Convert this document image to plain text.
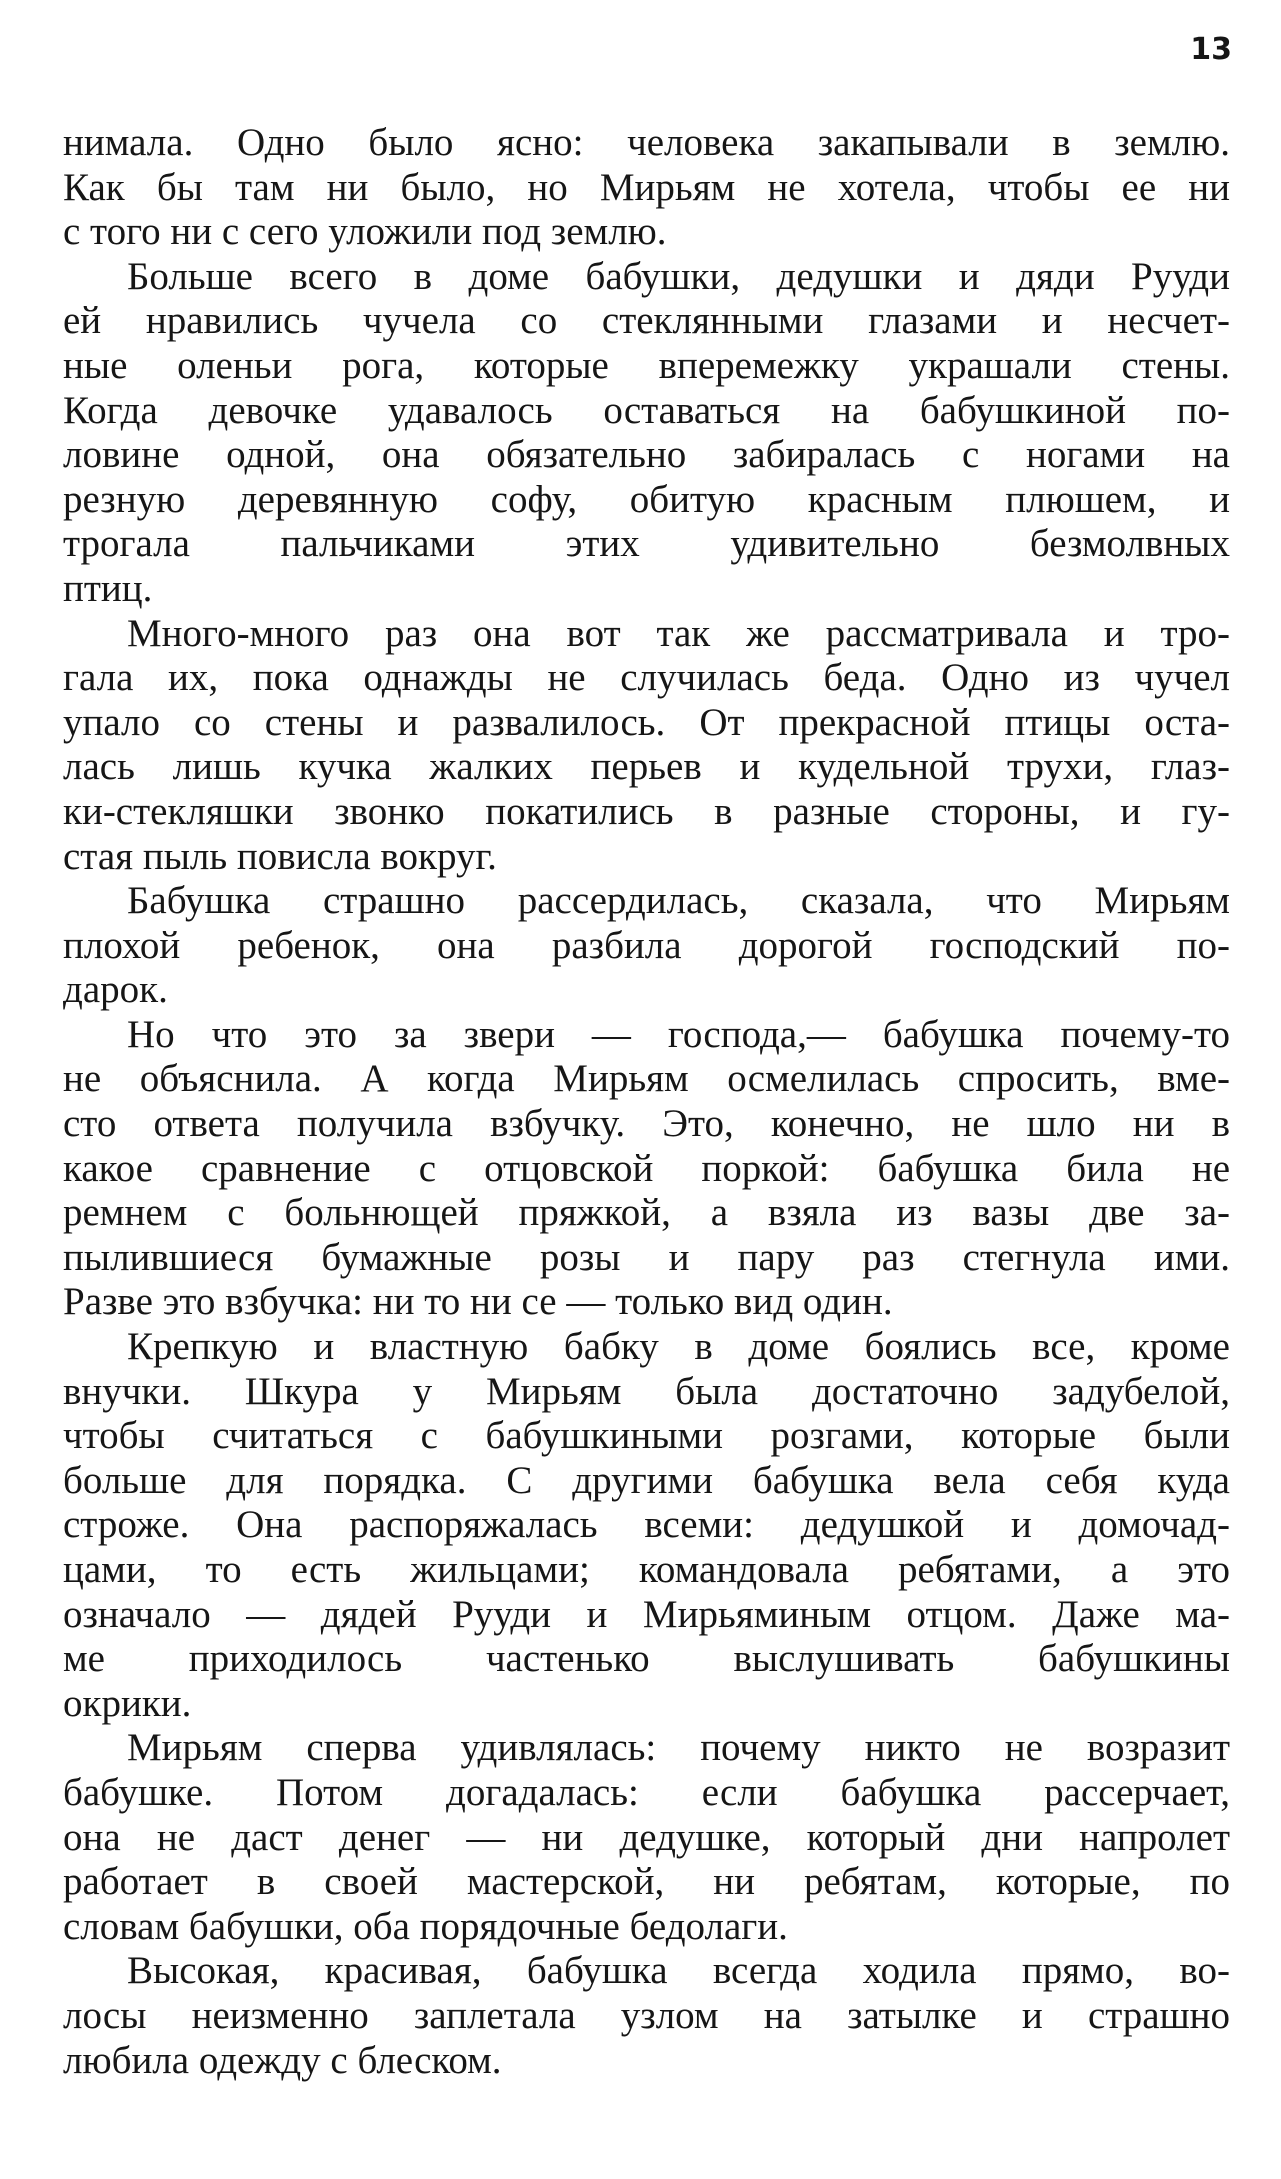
13
нимала. Одно было ясно: человека закапывали в землю.
Как бы там ни было, но Мирьям не хотела, чтобы ее ни
с того ни с сего уложили под землю.
Больше всего в доме бабушки, дедушки и дяди Рууди
ей нравились чучела со стеклянными глазами и несчет-
ные оленьи рога, которые вперемежку украшали стены.
Когда девочке удавалось оставаться на бабушкиной по-
ловине одной, она обязательно забиралась с ногами на
резную деревянную софу, обитую красным плюшем, и
трогала пальчиками этих удивительно безмолвных
птиц.
Много-много раз она вот так же рассматривала и тро-
гала их, пока однажды не случилась беда. Одно из чучел
упало со стены и развалилось. От прекрасной птицы оста-
лась лишь кучка жалких перьев и кудельной трухи, глаз-
ки-стекляшки звонко покатились в разные стороны, и гу-
стая пыль повисла вокруг.
Бабушка страшно рассердилась, сказала, что Мирьям
плохой ребенок, она разбила дорогой господский по-
дарок.
Но что это за звери — господа,— бабушка почему-то
не объяснила. А когда Мирьям осмелилась спросить, вме-
сто ответа получила взбучку. Это, конечно, не шло ни в
какое сравнение с отцовской поркой: бабушка била не
ремнем с больнющей пряжкой, а взяла из вазы две за-
пылившиеся бумажные розы и пару раз стегнула ими.
Разве это взбучка: ни то ни се — только вид один.
Крепкую и властную бабку в доме боялись все, кроме
внучки. Шкура у Мирьям была достаточно задубелой,
чтобы считаться с бабушкиными розгами, которые были
больше для порядка. С другими бабушка вела себя куда
строже. Она распоряжалась всеми: дедушкой и домочад-
цами, то есть жильцами; командовала ребятами, а это
означало — дядей Рууди и Мирьяминым отцом. Даже ма-
ме приходилось частенько выслушивать бабушкины
окрики.
Мирьям сперва удивлялась: почему никто не возразит
бабушке. Потом догадалась: если бабушка рассерчает,
она не даст денег — ни дедушке, который дни напролет
работает в своей мастерской, ни ребятам, которые, по
словам бабушки, оба порядочные бедолаги.
Высокая, красивая, бабушка всегда ходила прямо, во-
лосы неизменно заплетала узлом на затылке и страшно
любила одежду с блеском.
